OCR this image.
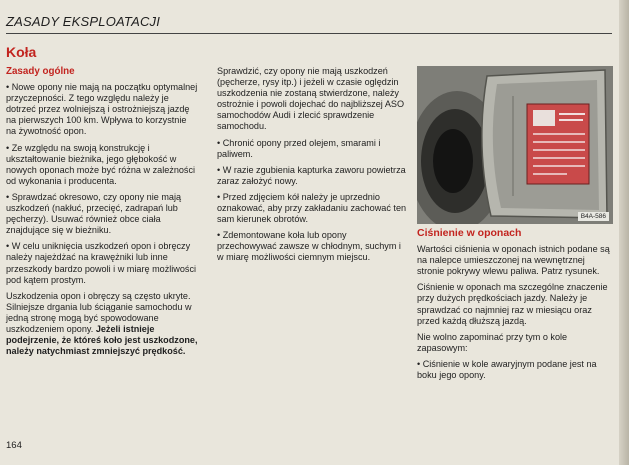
ZASADY EKSPLOATACJI
Koła

Zasady ogólne

• Nowe opony nie mają na początku optymalnej przyczepności. Z tego względu należy je dotrzeć przez wolniejszą i ostrożniejszą jazdę na pierwszych 100 km. Wpływa to korzystnie na żywotność opon.

• Ze względu na swoją konstrukcję i ukształtowanie bieżnika, jego głębokość w nowych oponach może być różna w zależności od wykonania i producenta.

• Sprawdzać okresowo, czy opony nie mają uszkodzeń (nakłuć, przecięć, zadrapań lub pęcherzy). Usuwać również obce ciała znajdujące się w bieżniku.

• W celu uniknięcia uszkodzeń opon i obręczy należy najeżdżać na krawężniki lub inne przeszkody bardzo powoli i w miarę możliwości pod kątem prostym.

Uszkodzenia opon i obręczy są często ukryte. Silniejsze drgania lub ściąganie samochodu w jedną stronę mogą być spowodowane uszkodzeniem opony. Jeżeli istnieje podejrzenie, że któreś koło jest uszkodzone, należy natychmiast zmniejszyć prędkość.

Sprawdzić, czy opony nie mają uszkodzeń (pęcherze, rysy itp.) i jeżeli w czasie oględzin uszkodzenia nie zostaną stwierdzone, należy ostrożnie i powoli dojechać do najbliższej ASO samochodów Audi i zlecić sprawdzenie samochodu.

• Chronić opony przed olejem, smarami i paliwem.

• W razie zgubienia kapturka zaworu powietrza zaraz założyć nowy.

• Przed zdjęciem kół należy je uprzednio oznakować, aby przy zakładaniu zachować ten sam kierunek obrotów.

• Zdemontowane koła lub opony przechowywać zawsze w chłodnym, suchym i w miarę możliwości ciemnym miejscu.

B4A-586

Ciśnienie w oponach

Wartości ciśnienia w oponach istnich podane są na nalepce umieszczonej na wewnętrznej stronie pokrywy wlewu paliwa. Patrz rysunek.

Ciśnienie w oponach ma szczególne znaczenie przy dużych prędkościach jazdy. Należy je sprawdzać co najmniej raz w miesiącu oraz przed każdą dłuższą jazdą.

Nie wolno zapominać przy tym o kole zapasowym:

• Ciśnienie w kole awaryjnym podane jest na boku jego opony.

164
